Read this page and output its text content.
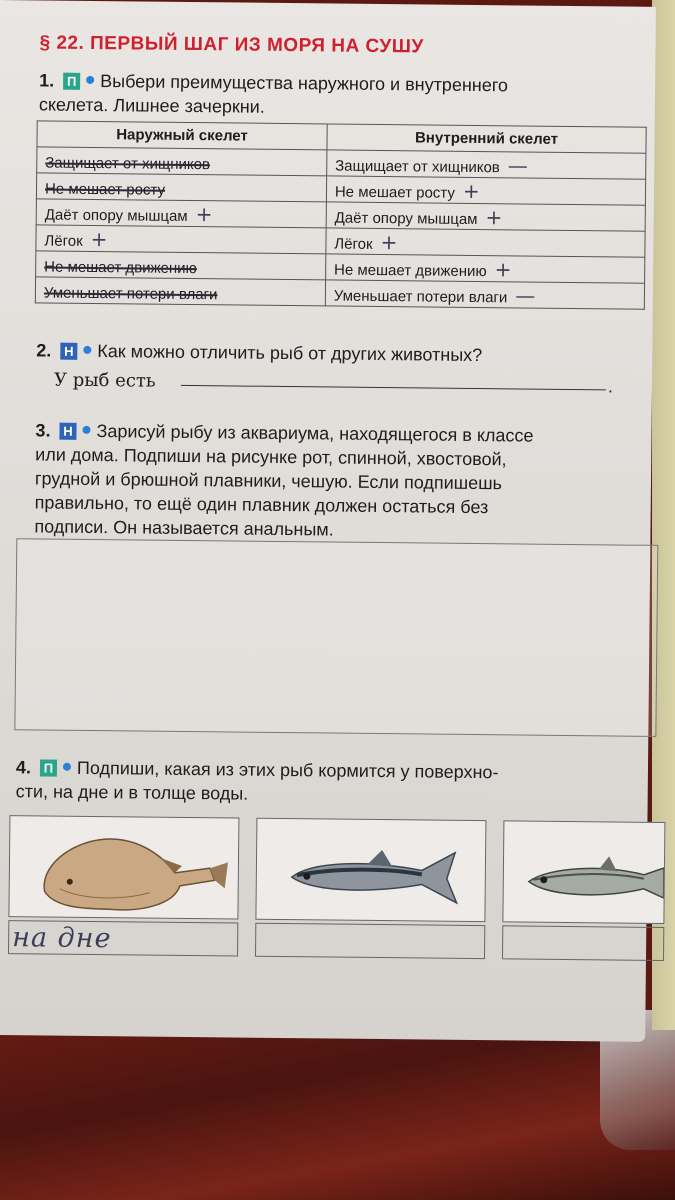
§ 22. ПЕРВЫЙ ШАГ ИЗ МОРЯ НА СУШУ
1. П Выбери преимущества наружного и внутреннего
скелета. Лишнее зачеркни.
Наружный скелет	Внутренний скелет
Защищает от хищников	Защищает от хищников —
Не мешает росту	Не мешает росту +
Даёт опору мышцам +	Даёт опору мышцам +
Лёгок +	Лёгок +
Не мешает движению	Не мешает движению +
Уменьшает потери влаги	Уменьшает потери влаги —
2. Н Как можно отличить рыб от других животных?
У рыб есть	.
3. Н Зарисуй рыбу из аквариума, находящегося в классе
или дома. Подпиши на рисунке рот, спинной, хвостовой,
грудной и брюшной плавники, чешую. Если подпишешь
правильно, то ещё один плавник должен остаться без
подписи. Он называется анальным.
4. П Подпиши, какая из этих рыб кормится у поверхно-
сти, на дне и в толще воды.
на дне
